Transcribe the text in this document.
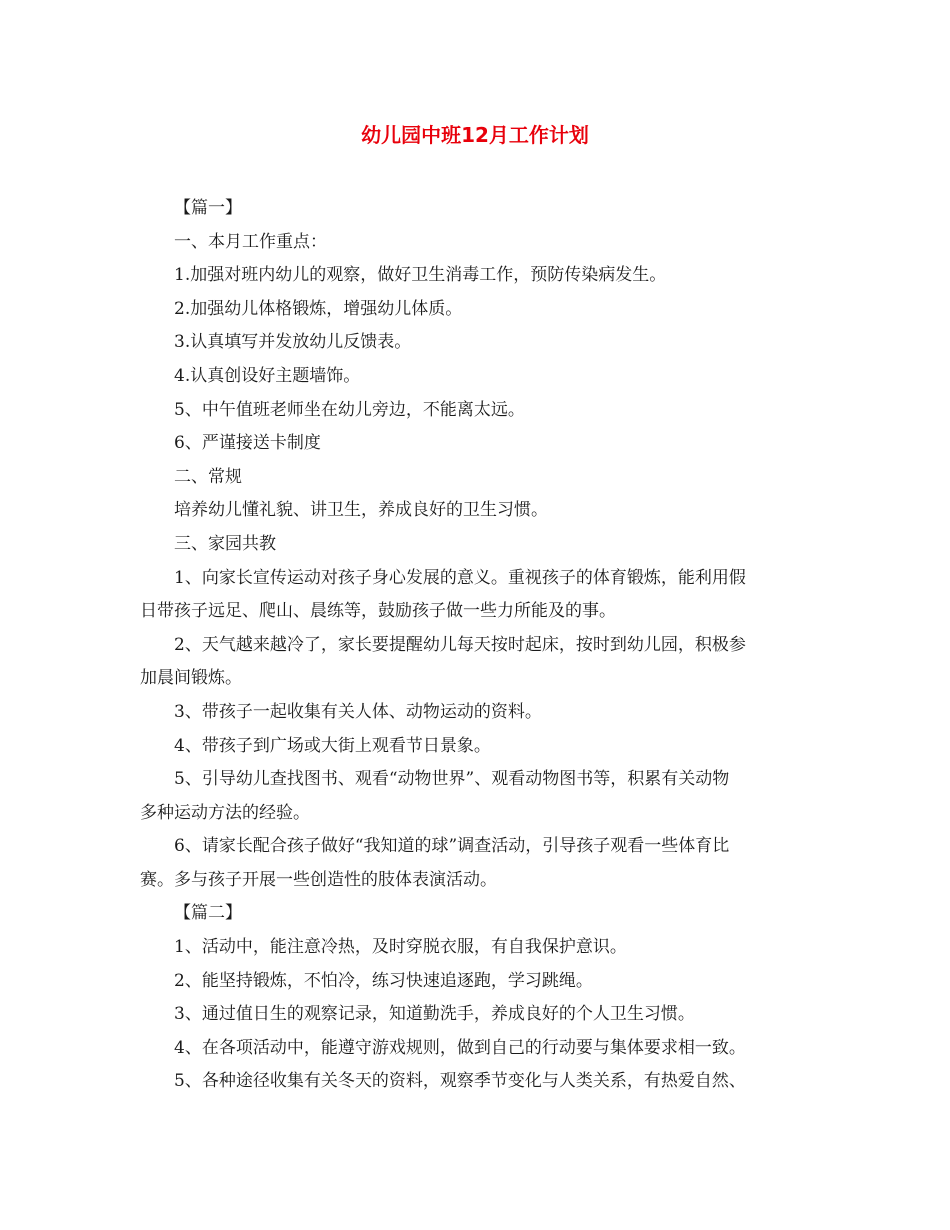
幼儿园中班12月工作计划

【篇一】

一、本月工作重点：

1.加强对班内幼儿的观察，做好卫生消毒工作，预防传染病发生。

2.加强幼儿体格锻炼，增强幼儿体质。

3.认真填写并发放幼儿反馈表。

4.认真创设好主题墙饰。

5、中午值班老师坐在幼儿旁边，不能离太远。

6、严谨接送卡制度

二、常规

培养幼儿懂礼貌、讲卫生，养成良好的卫生习惯。

三、家园共教

1、向家长宣传运动对孩子身心发展的意义。重视孩子的体育锻炼，能利用假

日带孩子远足、爬山、晨练等，鼓励孩子做一些力所能及的事。

2、天气越来越冷了，家长要提醒幼儿每天按时起床，按时到幼儿园，积极参

加晨间锻炼。

3、带孩子一起收集有关人体、动物运动的资料。

4、带孩子到广场或大街上观看节日景象。

5、引导幼儿查找图书、观看“动物世界”、观看动物图书等，积累有关动物

多种运动方法的经验。

6、请家长配合孩子做好“我知道的球”调查活动，引导孩子观看一些体育比

赛。多与孩子开展一些创造性的肢体表演活动。

【篇二】

1、活动中，能注意冷热，及时穿脱衣服，有自我保护意识。

2、能坚持锻炼，不怕冷，练习快速追逐跑，学习跳绳。

3、通过值日生的观察记录，知道勤洗手，养成良好的个人卫生习惯。

4、在各项活动中，能遵守游戏规则，做到自己的行动要与集体要求相一致。

5、各种途径收集有关冬天的资料，观察季节变化与人类关系，有热爱自然、
